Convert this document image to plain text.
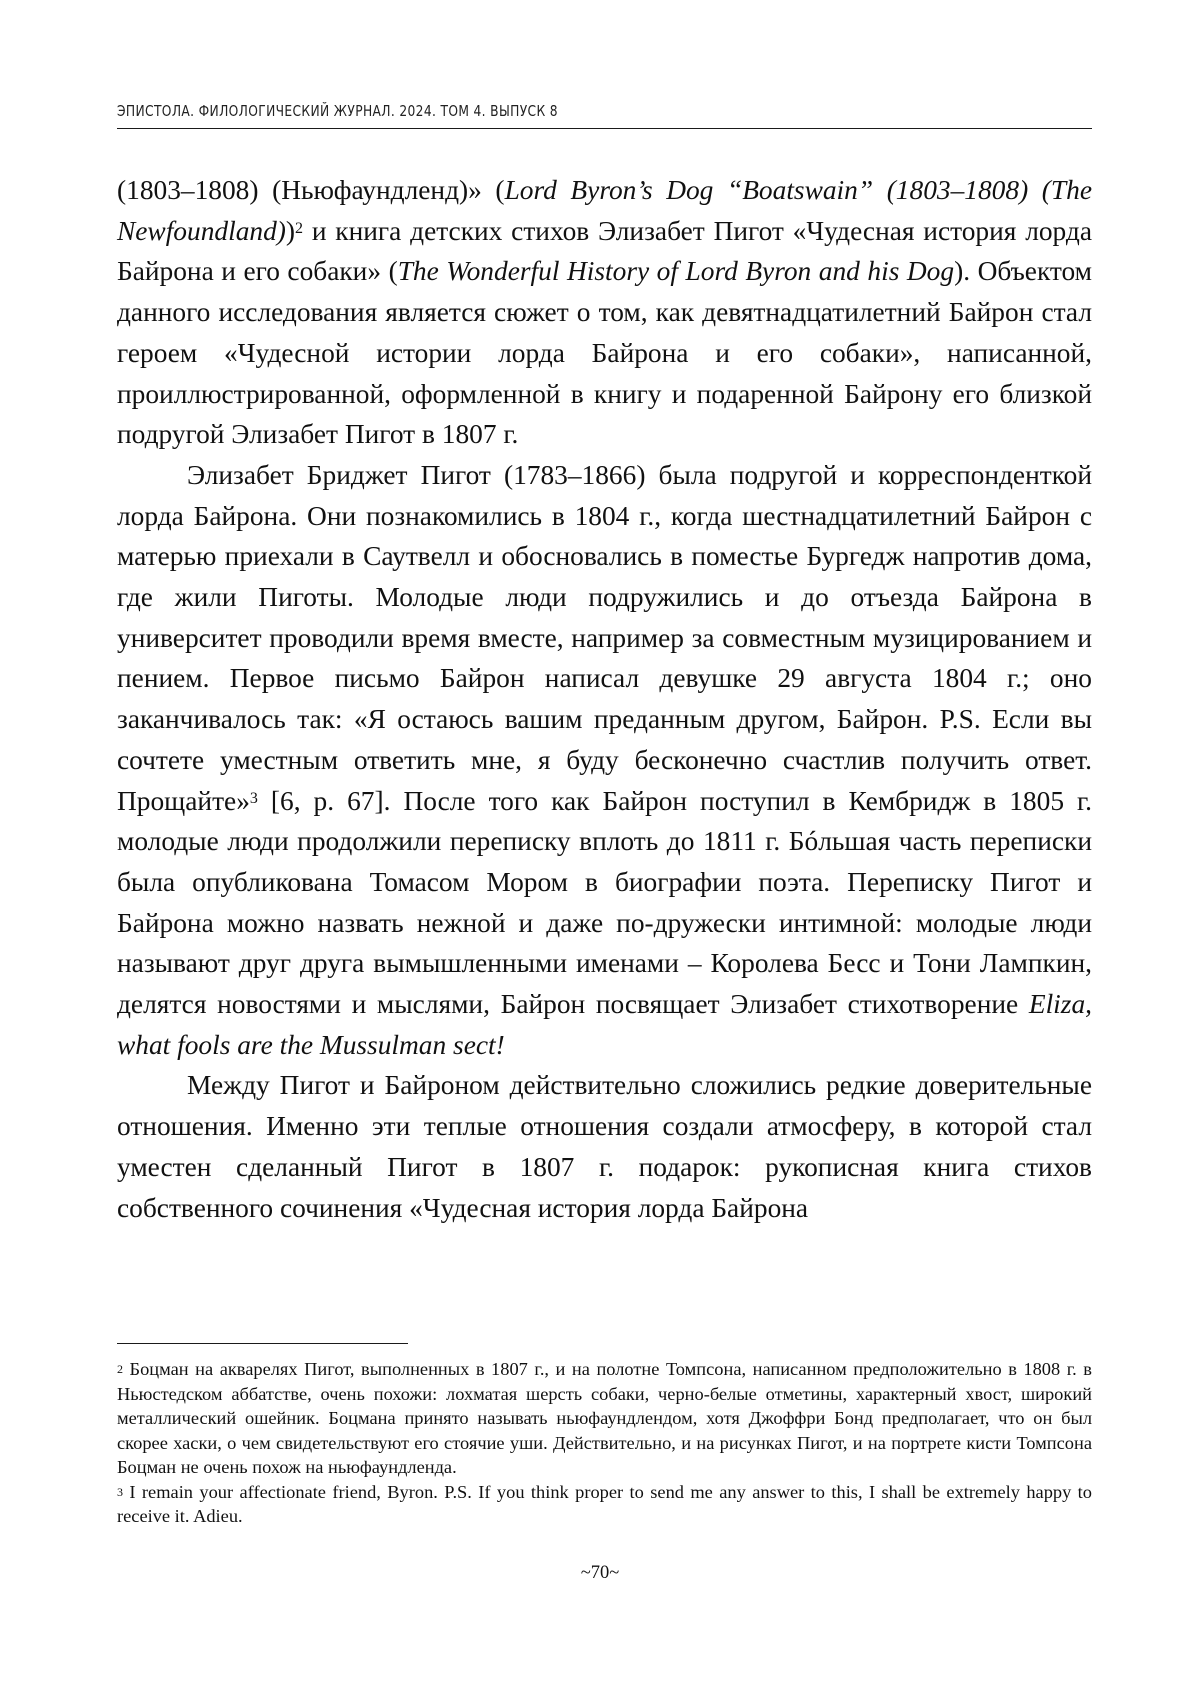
ЭПИСТОЛА. ФИЛОЛОГИЧЕСКИЙ ЖУРНАЛ. 2024. ТОМ 4. ВЫПУСК 8

(1803–1808) (Ньюфаундленд)» (Lord Byron’s Dog “Boatswain” (1803–1808) (The Newfoundland))2 и книга детских стихов Элизабет Пигот «Чудесная история лорда Байрона и его собаки» (The Wonderful History of Lord Byron and his Dog). Объектом данного исследования является сюжет о том, как девятнадцатилетний Байрон стал героем «Чудесной истории лорда Байро­на и его собаки», написанной, проиллюстрированной, оформленной в кни­гу и подаренной Байрону его близкой подругой Элизабет Пигот в 1807 г.

Элизабет Бриджет Пигот (1783–1866) была подругой и корреспон­денткой лорда Байрона. Они познакомились в 1804 г., когда шестнадцати­летний Байрон с матерью приехали в Саутвелл и обосновались в поместье Бургедж напротив дома, где жили Пиготы. Молодые люди подружились и до отъезда Байрона в университет проводили время вместе, например за совместным музицированием и пением. Первое письмо Байрон написал девушке 29 августа 1804 г.; оно заканчивалось так: «Я остаюсь вашим преданным другом, Байрон. P.S. Если вы сочтете уместным ответить мне, я буду бесконечно счастлив получить ответ. Прощайте»3 [6, p. 67]. После того как Байрон поступил в Кембридж в 1805 г. молодые люди продолжи­ли переписку вплоть до 1811 г. Бóльшая часть переписки была опублико­вана Томасом Мором в биографии поэта. Переписку Пигот и Байрона можно назвать нежной и даже по-дружески интимной: молодые люди называют друг друга вымышленными именами – Королева Бесс и Тони Лампкин, делятся новостями и мыслями, Байрон посвящает Элизабет сти­хотворение Eliza, what fools are the Mussulman sect!

Между Пигот и Байроном действительно сложились редкие довери­тельные отношения. Именно эти теплые отношения создали атмосферу, в которой стал уместен сделанный Пигот в 1807 г. подарок: рукописная книга стихов собственного сочинения «Чудесная история лорда Байрона

2 Боцман на акварелях Пигот, выполненных в 1807 г., и на полотне Томпсона, написанном предполо­жительно в 1808 г. в Ньюстедском аббатстве, очень похожи: лохматая шерсть собаки, черно-белые отметины, характерный хвост, широкий металлический ошейник. Боцмана принято называть ньюфа­ундлендом, хотя Джоффри Бонд предполагает, что он был скорее хаски, о чем свидетельствуют его стоячие уши. Действительно, и на рисунках Пигот, и на портрете кисти Томпсона Боцман не очень похож на ньюфаундленда.

3 I remain your affectionate friend, Byron. P.S. If you think proper to send me any answer to this, I shall be extremely happy to receive it. Adieu.

~70~
